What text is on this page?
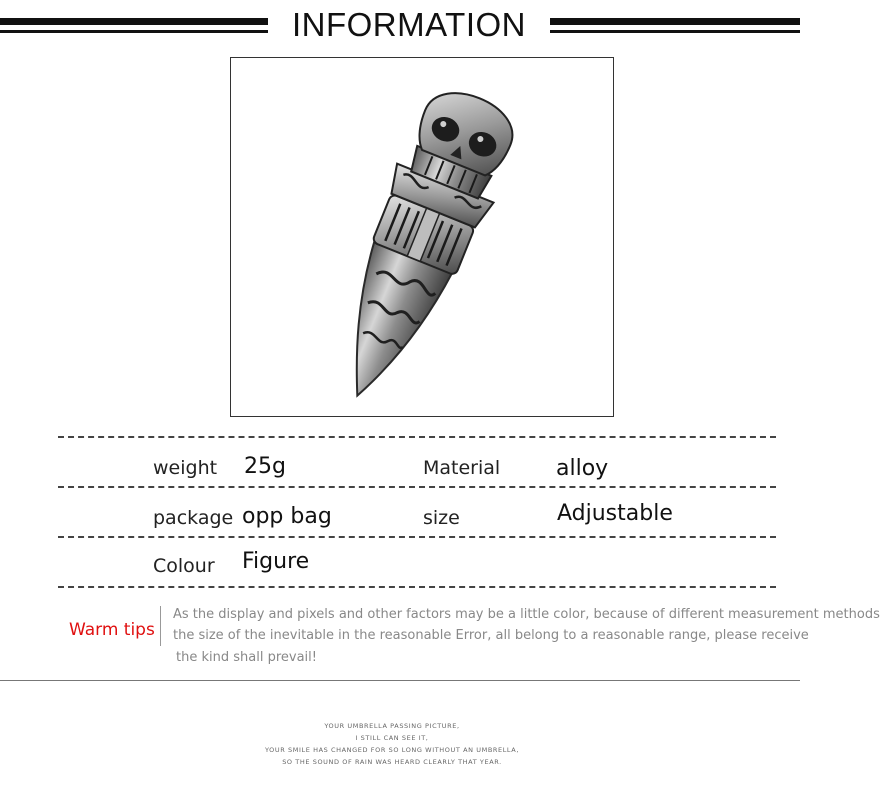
INFORMATION
weight 25g	Material	alloy
package opp bag	size	Adjustable
Colour Figure
Warm tips
As the display and pixels and other factors may be a little color, because of different measurement methods
the size of the inevitable in the reasonable Error, all belong to a reasonable range, please receive
the kind shall prevail!
YOUR UMBRELLA PASSING PICTURE,
I STILL CAN SEE IT,
YOUR SMILE HAS CHANGED FOR SO LONG WITHOUT AN UMBRELLA,
SO THE SOUND OF RAIN WAS HEARD CLEARLY THAT YEAR.
